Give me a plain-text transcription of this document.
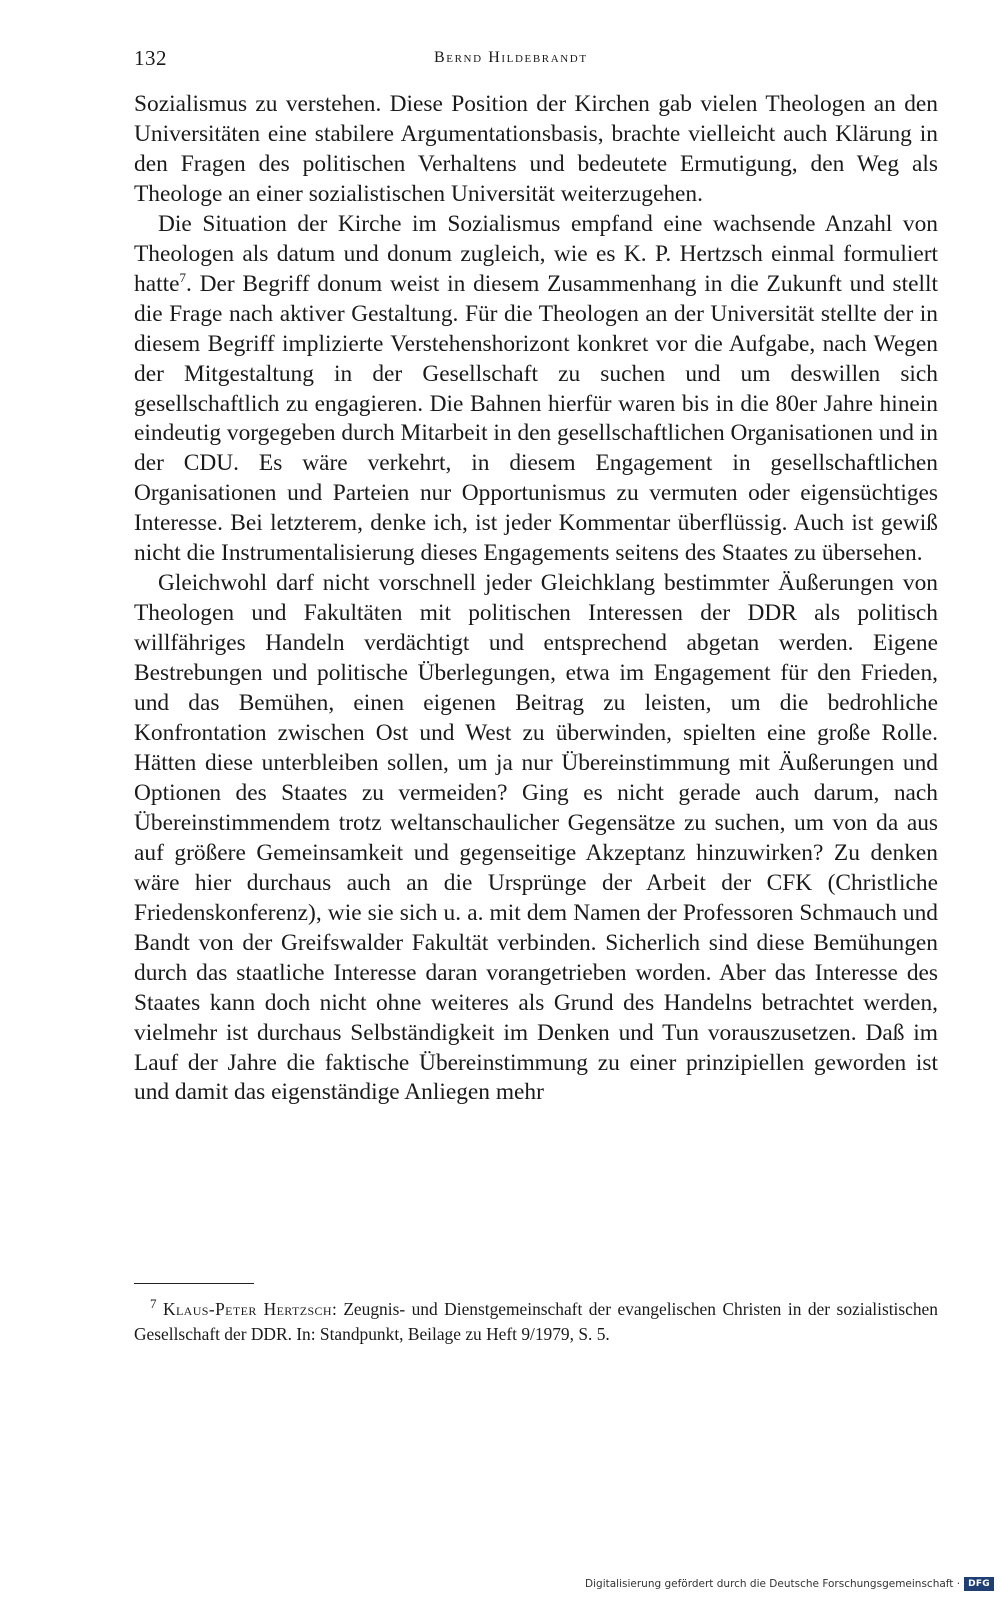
132	Bernd Hildebrandt

Sozialismus zu verstehen. Diese Position der Kirchen gab vielen Theologen an den Universitäten eine stabilere Argumentationsbasis, brachte vielleicht auch Klärung in den Fragen des politischen Verhaltens und bedeutete Ermutigung, den Weg als Theologe an einer sozialistischen Universität weiterzugehen.

Die Situation der Kirche im Sozialismus empfand eine wachsende Anzahl von Theologen als datum und donum zugleich, wie es K. P. Hertzsch einmal formuliert hatte$^7$. Der Begriff donum weist in diesem Zusammenhang in die Zukunft und stellt die Frage nach aktiver Gestaltung. Für die Theologen an der Universität stellte der in diesem Begriff implizierte Verstehenshorizont konkret vor die Aufgabe, nach Wegen der Mitgestaltung in der Gesellschaft zu suchen und um deswillen sich gesellschaftlich zu engagieren. Die Bahnen hierfür waren bis in die 80er Jahre hinein eindeutig vorgegeben durch Mitarbeit in den gesellschaftlichen Organisationen und in der CDU. Es wäre verkehrt, in diesem Engagement in gesellschaftlichen Organisationen und Parteien nur Opportunismus zu vermuten oder eigensüchtiges Interesse. Bei letzterem, denke ich, ist jeder Kommentar überflüssig. Auch ist gewiß nicht die Instrumentalisierung dieses Engagements seitens des Staates zu übersehen.

Gleichwohl darf nicht vorschnell jeder Gleichklang bestimmter Äußerungen von Theologen und Fakultäten mit politischen Interessen der DDR als politisch willfähriges Handeln verdächtigt und entsprechend abgetan werden. Eigene Bestrebungen und politische Überlegungen, etwa im Engagement für den Frieden, und das Bemühen, einen eigenen Beitrag zu leisten, um die bedrohliche Konfrontation zwischen Ost und West zu überwinden, spielten eine große Rolle. Hätten diese unterbleiben sollen, um ja nur Übereinstimmung mit Äußerungen und Optionen des Staates zu vermeiden? Ging es nicht gerade auch darum, nach Übereinstimmendem trotz weltanschaulicher Gegensätze zu suchen, um von da aus auf größere Gemeinsamkeit und gegenseitige Akzeptanz hinzuwirken? Zu denken wäre hier durchaus auch an die Ursprünge der Arbeit der CFK (Christliche Friedenskonferenz), wie sie sich u. a. mit dem Namen der Professoren Schmauch und Bandt von der Greifswalder Fakultät verbinden. Sicherlich sind diese Bemühungen durch das staatliche Interesse daran vorangetrieben worden. Aber das Interesse des Staates kann doch nicht ohne weiteres als Grund des Handelns betrachtet werden, vielmehr ist durchaus Selbständigkeit im Denken und Tun vorauszusetzen. Daß im Lauf der Jahre die faktische Übereinstimmung zu einer prinzipiellen geworden ist und damit das eigenständige Anliegen mehr

$^7$ Klaus-Peter Hertzsch: Zeugnis- und Dienstgemeinschaft der evangelischen Christen in der sozialistischen Gesellschaft der DDR. In: Standpunkt, Beilage zu Heft 9/1979, S. 5.

Digitalisierung gefördert durch die Deutsche Forschungsgemeinschaft · DFG
